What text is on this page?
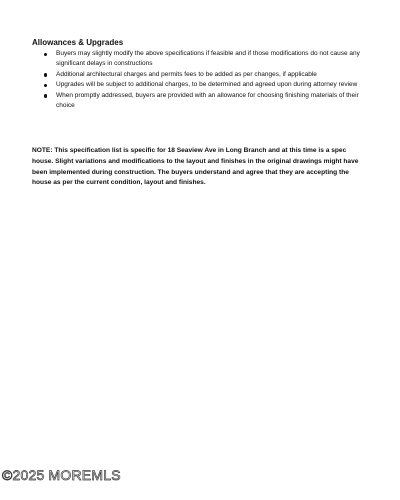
Allowances & Upgrades
Buyers may slightly modify the above specifications if feasible and if those modifications do not cause any significant delays in constructions
Additional architectural charges and permits fees to be added as per changes, if applicable
Upgrades will be subject to additional charges, to be determined and agreed upon during attorney review
When promptly addressed, buyers are provided with an allowance for choosing finishing materials of their choice

NOTE: This specification list is specific for 18 Seaview Ave in Long Branch and at this time is a spec house. Slight variations and modifications to the layout and finishes in the original drawings might have been implemented during construction. The buyers understand and agree that they are accepting the house as per the current condition, layout and finishes.

©2025 MOREMLS
